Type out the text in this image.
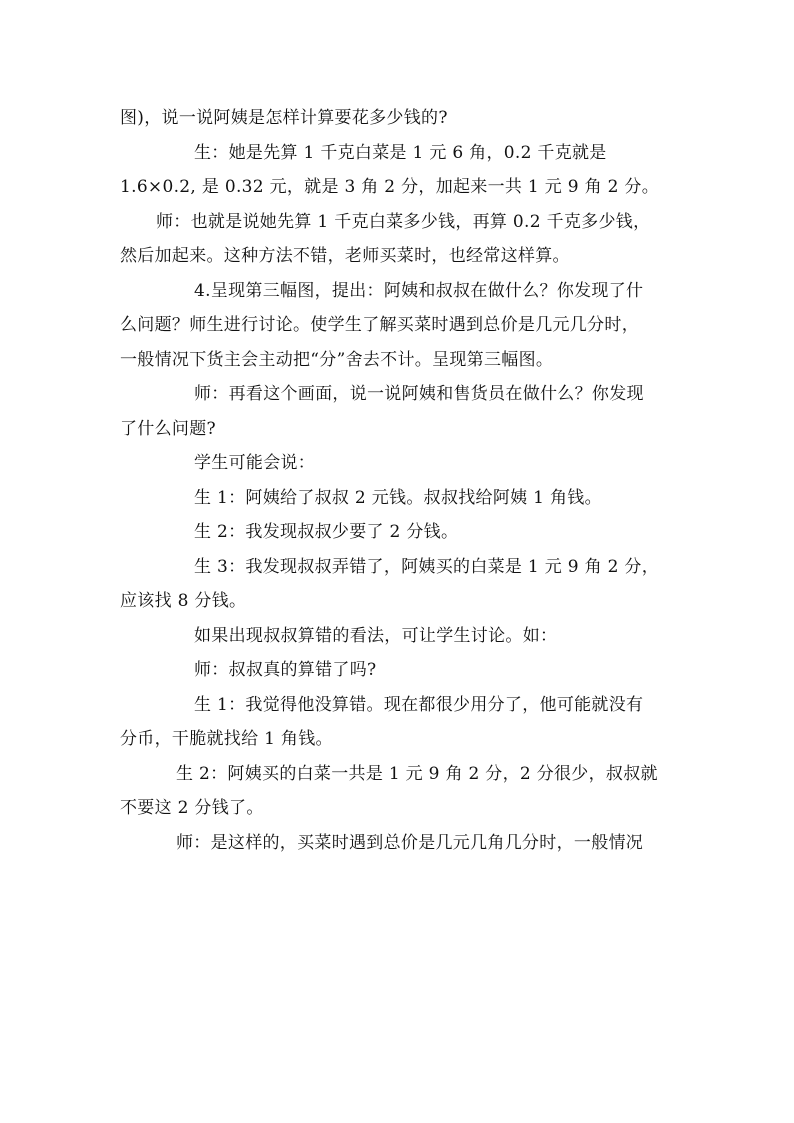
图)，说一说阿姨是怎样计算要花多少钱的?

生：她是先算 1 千克白菜是 1 元 6 角，0.2 千克就是
1.6×0.2, 是 0.32 元，就是 3 角 2 分，加起来一共 1 元 9 角 2 分。

师：也就是说她先算 1 千克白菜多少钱，再算 0.2 千克多少钱，
然后加起来。这种方法不错，老师买菜时，也经常这样算。

4.呈现第三幅图，提出：阿姨和叔叔在做什么？你发现了什
么问题？师生进行讨论。使学生了解买菜时遇到总价是几元几分时，
一般情况下货主会主动把“分”舍去不计。呈现第三幅图。

师：再看这个画面，说一说阿姨和售货员在做什么？你发现
了什么问题?

学生可能会说：

生 1：阿姨给了叔叔 2 元钱。叔叔找给阿姨 1 角钱。

生 2：我发现叔叔少要了 2 分钱。

生 3：我发现叔叔弄错了，阿姨买的白菜是 1 元 9 角 2 分，
应该找 8 分钱。

如果出现叔叔算错的看法，可让学生讨论。如：

师：叔叔真的算错了吗?

生 1：我觉得他没算错。现在都很少用分了，他可能就没有
分币，干脆就找给 1 角钱。

生 2：阿姨买的白菜一共是 1 元 9 角 2 分，2 分很少，叔叔就
不要这 2 分钱了。

师：是这样的，买菜时遇到总价是几元几角几分时，一般情况
